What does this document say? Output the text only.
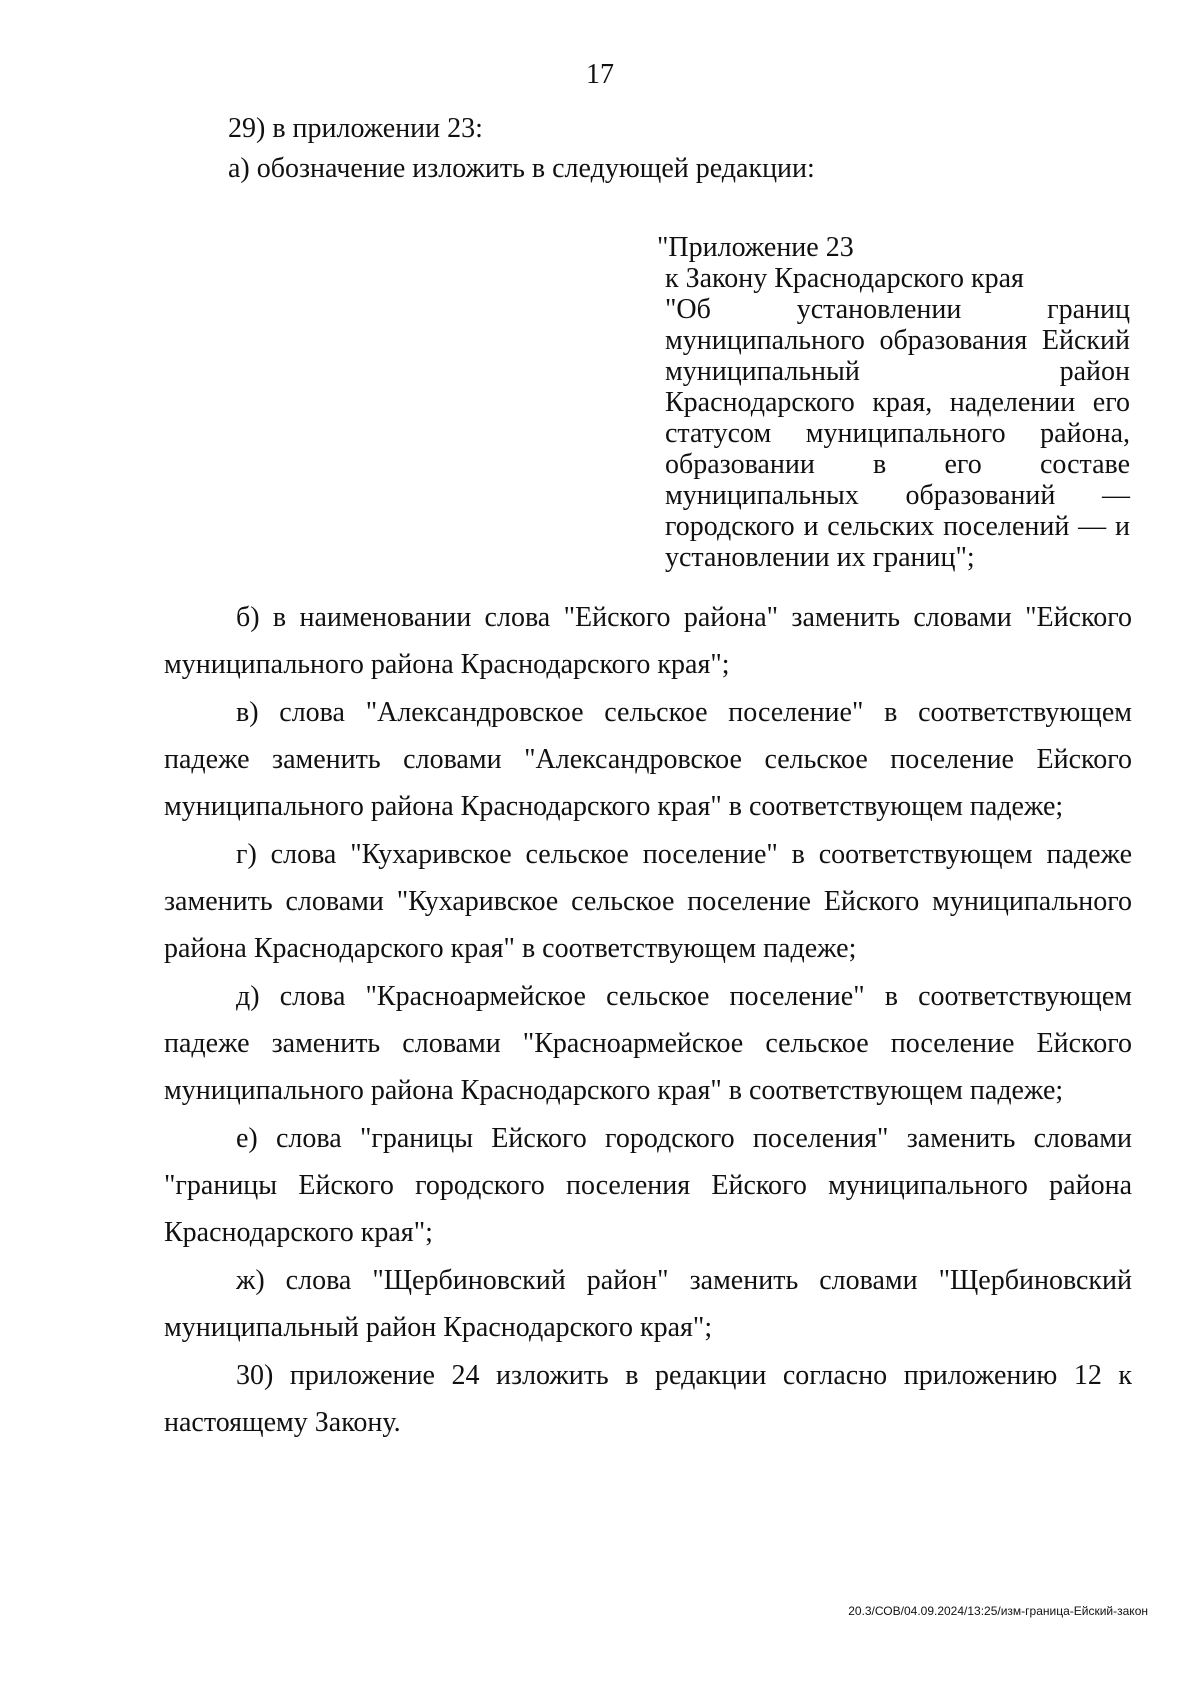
17
29) в приложении 23:
а) обозначение изложить в следующей редакции:
"Приложение 23
к Закону Краснодарского края
"Об установлении границ муниципального образования Ейский муниципальный район Краснодарского края, наделении его статусом муниципального района, образовании в его составе муниципальных образований — городского и сельских поселений — и установлении их границ";

б) в наименовании слова "Ейского района" заменить словами "Ейского муниципального района Краснодарского края";

в) слова "Александровское сельское поселение" в соответствующем падеже заменить словами "Александровское сельское поселение Ейского муниципального района Краснодарского края" в соответствующем падеже;

г) слова "Кухаривское сельское поселение" в соответствующем падеже заменить словами "Кухаривское сельское поселение Ейского муниципального района Краснодарского края" в соответствующем падеже;

д) слова "Красноармейское сельское поселение" в соответствующем падеже заменить словами "Красноармейское сельское поселение Ейского муниципального района Краснодарского края" в соответствующем падеже;

е) слова "границы Ейского городского поселения" заменить словами "границы Ейского городского поселения Ейского муниципального района Краснодарского края";

ж) слова "Щербиновский район" заменить словами "Щербиновский муниципальный район Краснодарского края";

30) приложение 24 изложить в редакции согласно приложению 12 к настоящему Закону.

20.3/СОВ/04.09.2024/13:25/изм-граница-Ейский-закон
